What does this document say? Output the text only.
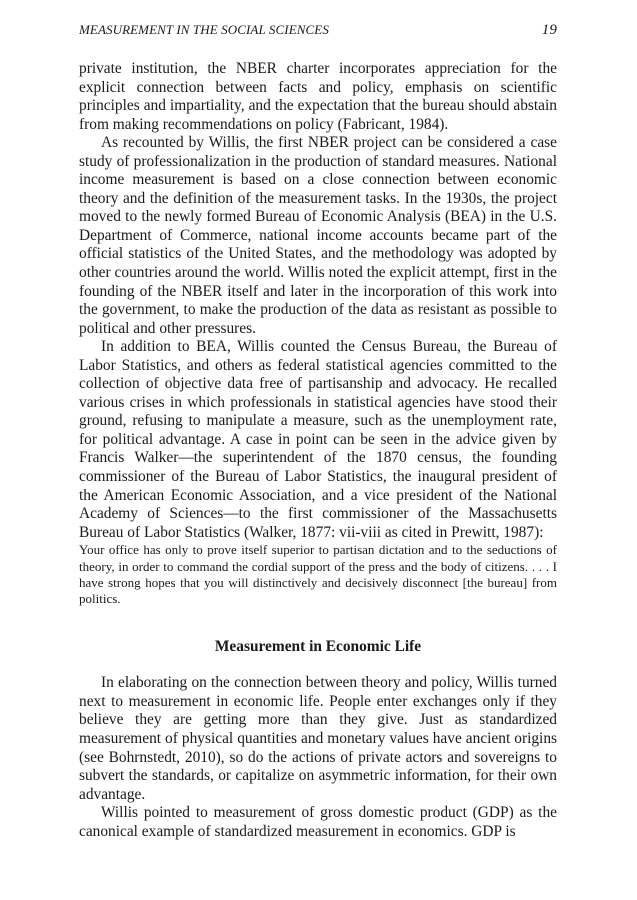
MEASUREMENT IN THE SOCIAL SCIENCES	19

private institution, the NBER charter incorporates appreciation for the explicit connection between facts and policy, emphasis on scientific principles and impartiality, and the expectation that the bureau should abstain from making recommendations on policy (Fabricant, 1984).

As recounted by Willis, the first NBER project can be considered a case study of professionalization in the production of standard measures. National income measurement is based on a close connection between economic theory and the definition of the measurement tasks. In the 1930s, the project moved to the newly formed Bureau of Economic Analysis (BEA) in the U.S. Department of Commerce, national income accounts became part of the official statistics of the United States, and the methodology was adopted by other countries around the world. Willis noted the explicit attempt, first in the founding of the NBER itself and later in the incorporation of this work into the government, to make the production of the data as resistant as possible to political and other pressures.

In addition to BEA, Willis counted the Census Bureau, the Bureau of Labor Statistics, and others as federal statistical agencies committed to the collection of objective data free of partisanship and advocacy. He recalled various crises in which professionals in statistical agencies have stood their ground, refusing to manipulate a measure, such as the unemployment rate, for political advantage. A case in point can be seen in the advice given by Francis Walker—the superintendent of the 1870 census, the founding commissioner of the Bureau of Labor Statistics, the inaugural president of the American Economic Association, and a vice president of the National Academy of Sciences—to the first commissioner of the Massachusetts Bureau of Labor Statistics (Walker, 1877: vii-viii as cited in Prewitt, 1987):

Your office has only to prove itself superior to partisan dictation and to the seductions of theory, in order to command the cordial support of the press and the body of citizens. . . . I have strong hopes that you will distinctively and decisively disconnect [the bureau] from politics.

Measurement in Economic Life

In elaborating on the connection between theory and policy, Willis turned next to measurement in economic life. People enter exchanges only if they believe they are getting more than they give. Just as standardized measurement of physical quantities and monetary values have ancient origins (see Bohrnstedt, 2010), so do the actions of private actors and sovereigns to subvert the standards, or capitalize on asymmetric information, for their own advantage.

Willis pointed to measurement of gross domestic product (GDP) as the canonical example of standardized measurement in economics. GDP is
